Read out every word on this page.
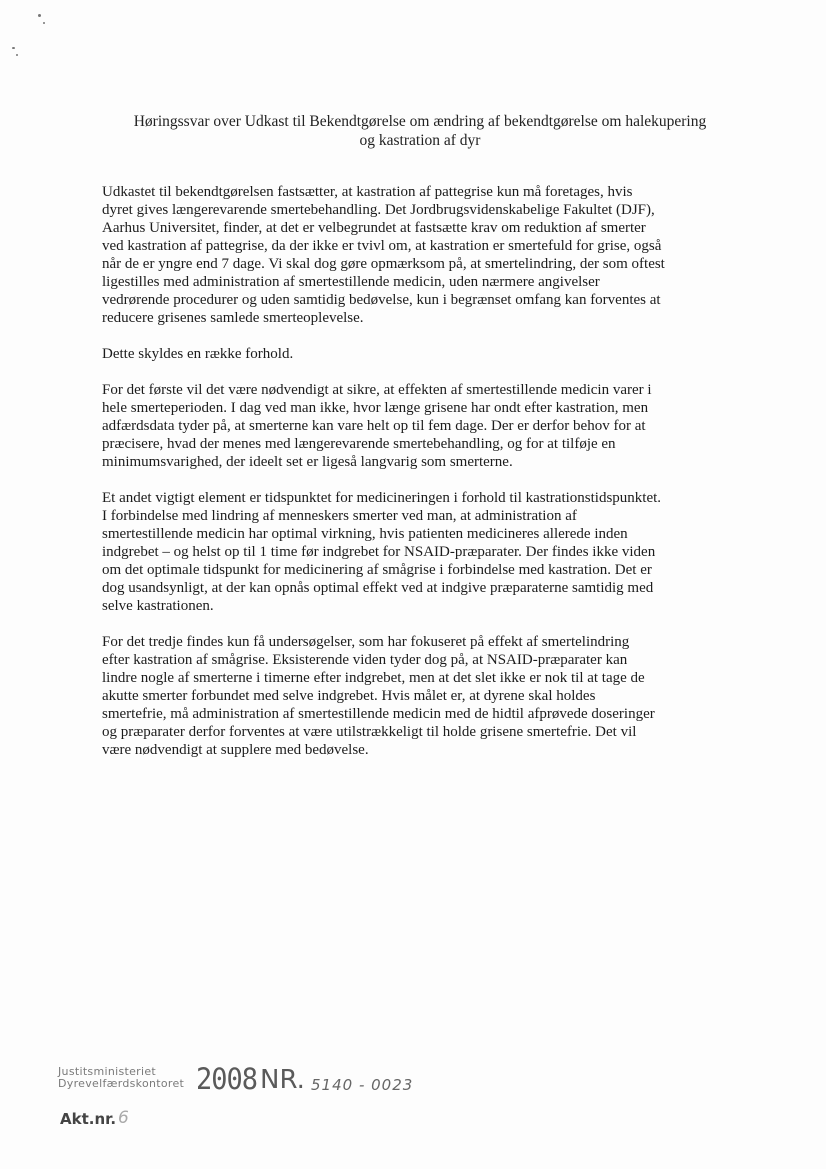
Høringssvar over Udkast til Bekendtgørelse om ændring af bekendtgørelse om halekupering
og kastration af dyr

Udkastet til bekendtgørelsen fastsætter, at kastration af pattegrise kun må foretages, hvis
dyret gives længerevarende smertebehandling. Det Jordbrugsvidenskabelige Fakultet (DJF),
Aarhus Universitet, finder, at det er velbegrundet at fastsætte krav om reduktion af smerter
ved kastration af pattegrise, da der ikke er tvivl om, at kastration er smertefuld for grise, også
når de er yngre end 7 dage. Vi skal dog gøre opmærksom på, at smertelindring, der som oftest
ligestilles med administration af smertestillende medicin, uden nærmere angivelser
vedrørende procedurer og uden samtidig bedøvelse, kun i begrænset omfang kan forventes at
reducere grisenes samlede smerteoplevelse.

Dette skyldes en række forhold.

For det første vil det være nødvendigt at sikre, at effekten af smertestillende medicin varer i
hele smerteperioden. I dag ved man ikke, hvor længe grisene har ondt efter kastration, men
adfærdsdata tyder på, at smerterne kan vare helt op til fem dage. Der er derfor behov for at
præcisere, hvad der menes med længerevarende smertebehandling, og for at tilføje en
minimumsvarighed, der ideelt set er ligeså langvarig som smerterne.

Et andet vigtigt element er tidspunktet for medicineringen i forhold til kastrationstidspunktet.
I forbindelse med lindring af menneskers smerter ved man, at administration af
smertestillende medicin har optimal virkning, hvis patienten medicineres allerede inden
indgrebet – og helst op til 1 time før indgrebet for NSAID-præparater. Der findes ikke viden
om det optimale tidspunkt for medicinering af smågrise i forbindelse med kastration. Det er
dog usandsynligt, at der kan opnås optimal effekt ved at indgive præparaterne samtidig med
selve kastrationen.

For det tredje findes kun få undersøgelser, som har fokuseret på effekt af smertelindring
efter kastration af smågrise. Eksisterende viden tyder dog på, at NSAID-præparater kan
lindre nogle af smerterne i timerne efter indgrebet, men at det slet ikke er nok til at tage de
akutte smerter forbundet med selve indgrebet. Hvis målet er, at dyrene skal holdes
smertefrie, må administration af smertestillende medicin med de hidtil afprøvede doseringer
og præparater derfor forventes at være utilstrækkeligt til holde grisene smertefrie. Det vil
være nødvendigt at supplere med bedøvelse.

Justitsministeriet
Dyrevelfærdskontoret 2008 NR. 5140 - 0023
Akt.nr. 6
